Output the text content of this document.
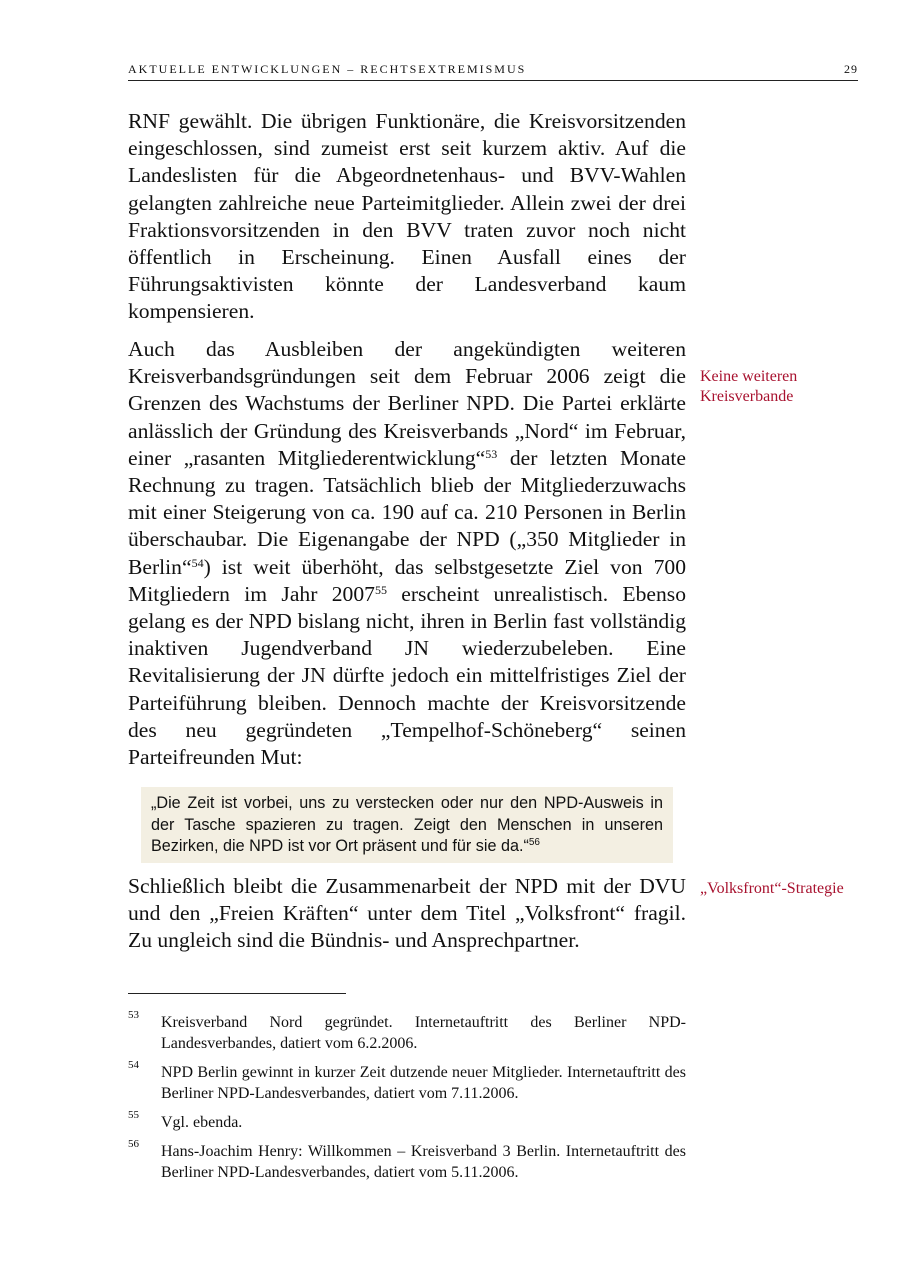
AKTUELLE ENTWICKLUNGEN – RECHTSEXTREMISMUS	29

RNF gewählt. Die übrigen Funktionäre, die Kreisvorsitzenden eingeschlossen, sind zumeist erst seit kurzem aktiv. Auf die Landeslisten für die Abgeordnetenhaus- und BVV-Wahlen gelangten zahlreiche neue Parteimitglieder. Allein zwei der drei Fraktionsvorsitzenden in den BVV traten zuvor noch nicht öffentlich in Erscheinung. Einen Ausfall eines der Führungsaktivisten könnte der Landesverband kaum kompensieren.

Auch das Ausbleiben der angekündigten weiteren Kreisverbandsgründungen seit dem Februar 2006 zeigt die Grenzen des Wachstums der Berliner NPD. Die Partei erklärte anlässlich der Gründung des Kreisverbands „Nord“ im Februar, einer „rasanten Mitgliederentwicklung“$^{53}$ der letzten Monate Rechnung zu tragen. Tatsächlich blieb der Mitgliederzuwachs mit einer Steigerung von ca. 190 auf ca. 210 Personen in Berlin überschaubar. Die Eigenangabe der NPD („350 Mitglieder in Berlin“$^{54}$) ist weit überhöht, das selbstgesetzte Ziel von 700 Mitgliedern im Jahr 2007$^{55}$ erscheint unrealistisch. Ebenso gelang es der NPD bislang nicht, ihren in Berlin fast vollständig inaktiven Jugendverband JN wiederzubeleben. Eine Revitalisierung der JN dürfte jedoch ein mittelfristiges Ziel der Parteiführung bleiben. Dennoch machte der Kreisvorsitzende des neu gegründeten „Tempelhof-Schöneberg“ seinen Parteifreunden Mut:

„Die Zeit ist vorbei, uns zu verstecken oder nur den NPD-Ausweis in der Tasche spazieren zu tragen. Zeigt den Menschen in unseren Bezirken, die NPD ist vor Ort präsent und für sie da.“$^{56}$

Schließlich bleibt die Zusammenarbeit der NPD mit der DVU und den „Freien Kräften“ unter dem Titel „Volksfront“ fragil. Zu ungleich sind die Bündnis- und Ansprechpartner.

Keine weiteren Kreisverbande
„Volksfront“-Strategie
53 Kreisverband Nord gegründet. Internetauftritt des Berliner NPD-Landesverbandes, datiert vom 6.2.2006.
54 NPD Berlin gewinnt in kurzer Zeit dutzende neuer Mitglieder. Internetauftritt des Berliner NPD-Landesverbandes, datiert vom 7.11.2006.
55 Vgl. ebenda.
56 Hans-Joachim Henry: Willkommen – Kreisverband 3 Berlin. Internetauftritt des Berliner NPD-Landesverbandes, datiert vom 5.11.2006.
